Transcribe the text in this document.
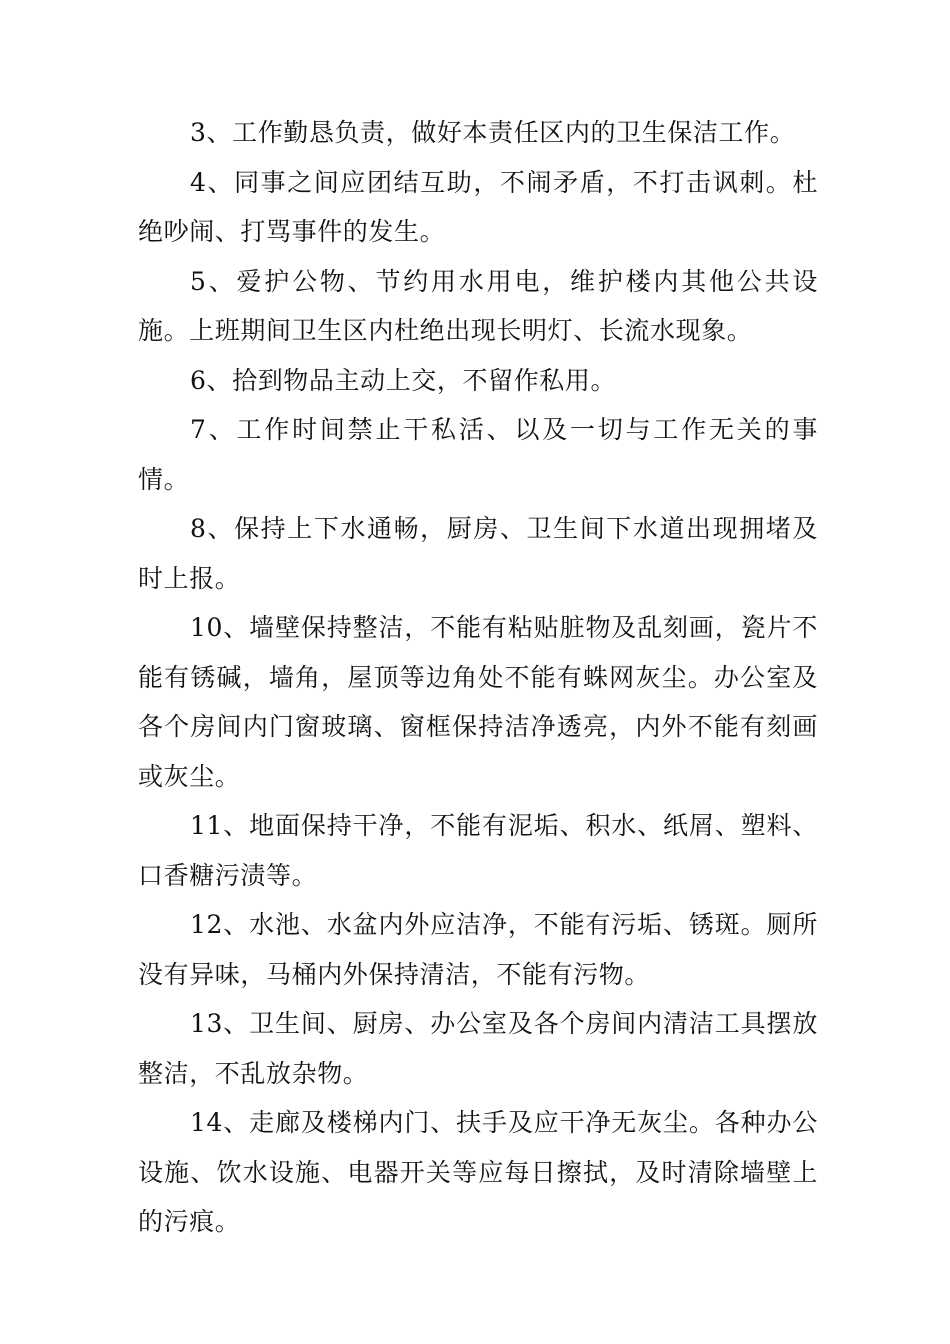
3、工作勤恳负责，做好本责任区内的卫生保洁工作。

4、同事之间应团结互助，不闹矛盾，不打击讽刺。杜绝吵闹、打骂事件的发生。

5、爱护公物、节约用水用电，维护楼内其他公共设施。上班期间卫生区内杜绝出现长明灯、长流水现象。

6、拾到物品主动上交，不留作私用。

7、工作时间禁止干私活、以及一切与工作无关的事情。

8、保持上下水通畅，厨房、卫生间下水道出现拥堵及时上报。

10、墙壁保持整洁，不能有粘贴脏物及乱刻画，瓷片不能有锈碱，墙角，屋顶等边角处不能有蛛网灰尘。办公室及各个房间内门窗玻璃、窗框保持洁净透亮，内外不能有刻画或灰尘。

11、地面保持干净，不能有泥垢、积水、纸屑、塑料、口香糖污渍等。

12、水池、水盆内外应洁净，不能有污垢、锈斑。厕所没有异味，马桶内外保持清洁，不能有污物。

13、卫生间、厨房、办公室及各个房间内清洁工具摆放整洁，不乱放杂物。

14、走廊及楼梯内门、扶手及应干净无灰尘。各种办公设施、饮水设施、电器开关等应每日擦拭，及时清除墙壁上的污痕。
